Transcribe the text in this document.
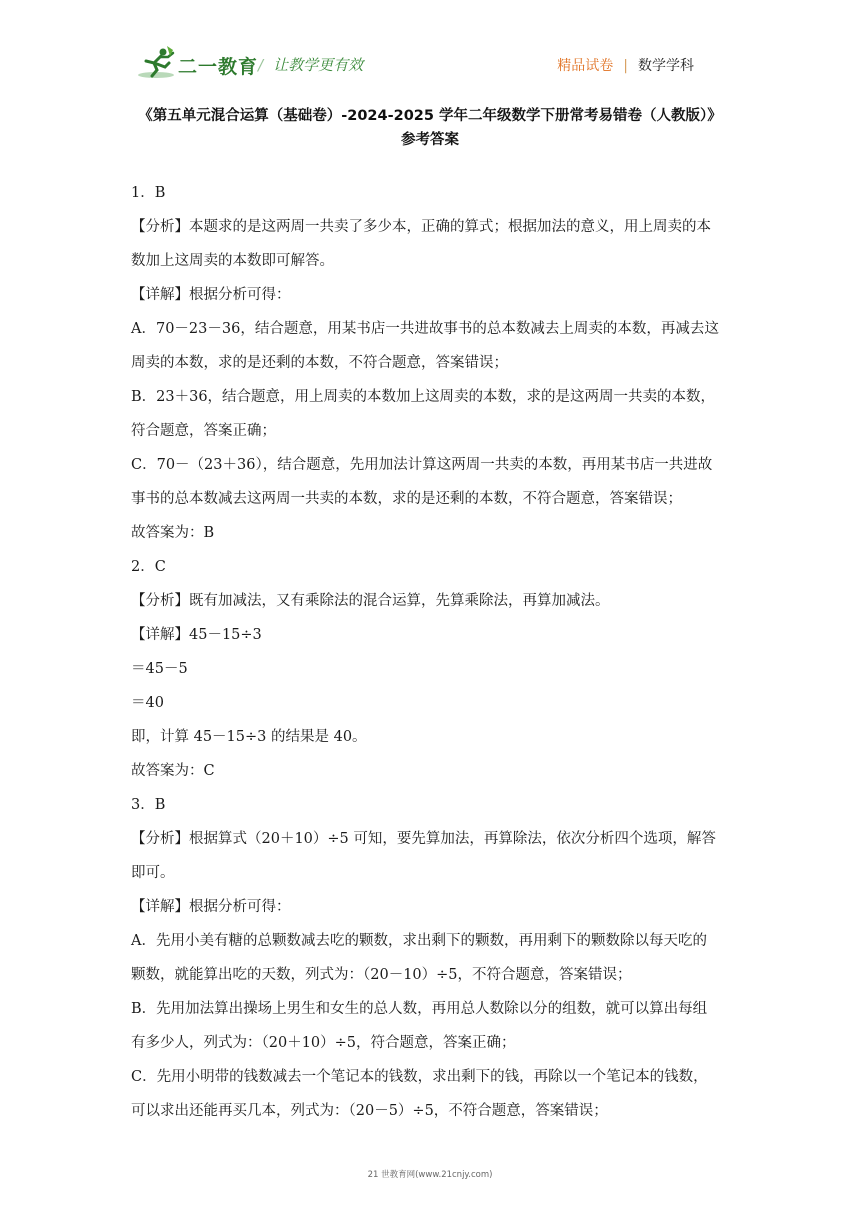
二一教育 / 让教学更有效	精品试卷 | 数学学科
《第五单元混合运算（基础卷）-2024-2025 学年二年级数学下册常考易错卷（人教版）》
参考答案
1．B
【分析】本题求的是这两周一共卖了多少本，正确的算式；根据加法的意义，用上周卖的本
数加上这周卖的本数即可解答。
【详解】根据分析可得：
A．70－23－36，结合题意，用某书店一共进故事书的总本数减去上周卖的本数，再减去这
周卖的本数，求的是还剩的本数，不符合题意，答案错误；
B．23＋36，结合题意，用上周卖的本数加上这周卖的本数，求的是这两周一共卖的本数，
符合题意，答案正确；
C．70－（23＋36），结合题意，先用加法计算这两周一共卖的本数，再用某书店一共进故
事书的总本数减去这两周一共卖的本数，求的是还剩的本数，不符合题意，答案错误；
故答案为：B
2．C
【分析】既有加减法，又有乘除法的混合运算，先算乘除法，再算加减法。
【详解】45－15÷3
＝45－5
＝40
即，计算 45－15÷3 的结果是 40。
故答案为：C
3．B
【分析】根据算式（20＋10）÷5 可知，要先算加法，再算除法，依次分析四个选项，解答
即可。
【详解】根据分析可得：
A．先用小美有糖的总颗数减去吃的颗数，求出剩下的颗数，再用剩下的颗数除以每天吃的
颗数，就能算出吃的天数，列式为：（20－10）÷5，不符合题意，答案错误；
B．先用加法算出操场上男生和女生的总人数，再用总人数除以分的组数，就可以算出每组
有多少人，列式为：（20＋10）÷5，符合题意，答案正确；
C．先用小明带的钱数减去一个笔记本的钱数，求出剩下的钱，再除以一个笔记本的钱数，
可以求出还能再买几本，列式为：（20－5）÷5，不符合题意，答案错误；
21 世教育网(www.21cnjy.com)
